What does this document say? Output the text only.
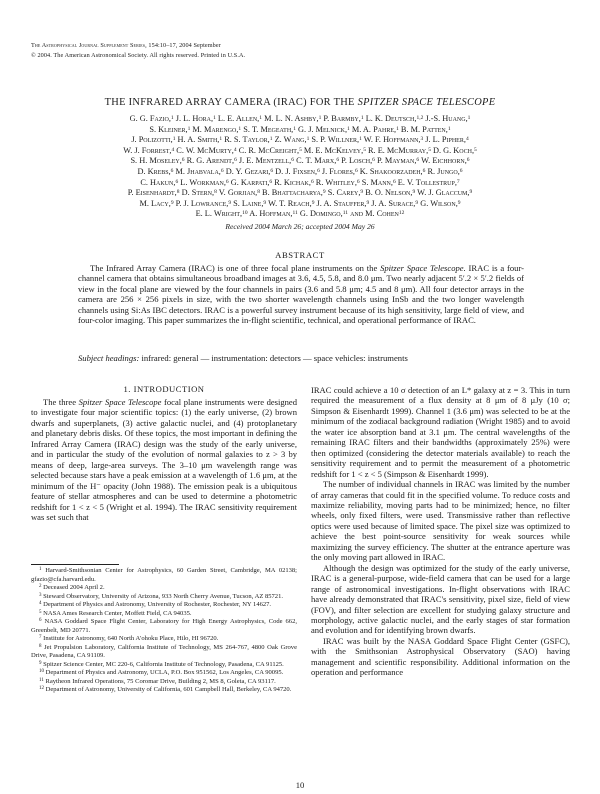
The Astrophysical Journal Supplement Series, 154:10–17, 2004 September
© 2004. The American Astronomical Society. All rights reserved. Printed in U.S.A.
THE INFRARED ARRAY CAMERA (IRAC) FOR THE SPITZER SPACE TELESCOPE
G. G. Fazio,$^1$ J. L. Hora,$^1$ L. E. Allen,$^1$ M. L. N. Ashby,$^1$ P. Barmby,$^1$ L. K. Deutsch,$^{1,2}$ J.-S. Huang,$^1$
S. Kleiner,$^1$ M. Marengo,$^1$ S. T. Megeath,$^1$ G. J. Melnick,$^1$ M. A. Pahre,$^1$ B. M. Patten,$^1$
J. Polizotti,$^1$ H. A. Smith,$^1$ R. S. Taylor,$^1$ Z. Wang,$^1$ S. P. Willner,$^1$ W. F. Hoffmann,$^3$ J. L. Pipher,$^4$
W. J. Forrest,$^4$ C. W. McMurty,$^4$ C. R. McCreight,$^5$ M. E. McKelvey,$^5$ R. E. McMurray,$^5$ D. G. Koch,$^5$
S. H. Moseley,$^6$ R. G. Arendt,$^6$ J. E. Mentzell,$^6$ C. T. Marx,$^6$ P. Losch,$^6$ P. Mayman,$^6$ W. Eichhorn,$^6$
D. Krebs,$^6$ M. Jhabvala,$^6$ D. Y. Gezari,$^6$ D. J. Fixsen,$^6$ J. Flores,$^6$ K. Shakoorzadeh,$^6$ R. Jungo,$^6$
C. Hakun,$^6$ L. Workman,$^6$ G. Karpati,$^6$ R. Kichak,$^6$ R. Whitley,$^6$ S. Mann,$^6$ E. V. Tollestrup,$^7$
P. Eisenhardt,$^8$ D. Stern,$^8$ V. Gorjian,$^8$ B. Bhattacharya,$^9$ S. Carey,$^9$ B. O. Nelson,$^9$ W. J. Glaccum,$^9$
M. Lacy,$^9$ P. J. Lowrance,$^9$ S. Laine,$^9$ W. T. Reach,$^9$ J. A. Stauffer,$^9$ J. A. Surace,$^9$ G. Wilson,$^9$
E. L. Wright,$^{10}$ A. Hoffman,$^{11}$ G. Domingo,$^{11}$ and M. Cohen$^{12}$
Received 2004 March 26; accepted 2004 May 26
ABSTRACT
The Infrared Array Camera (IRAC) is one of three focal plane instruments on the Spitzer Space Telescope. IRAC is a four-channel camera that obtains simultaneous broadband images at 3.6, 4.5, 5.8, and 8.0 μm. Two nearly adjacent 5′.2 × 5′.2 fields of view in the focal plane are viewed by the four channels in pairs (3.6 and 5.8 μm; 4.5 and 8 μm). All four detector arrays in the camera are 256 × 256 pixels in size, with the two shorter wavelength channels using InSb and the two longer wavelength channels using Si:As IBC detectors. IRAC is a powerful survey instrument because of its high sensitivity, large field of view, and four-color imaging. This paper summarizes the in-flight scientific, technical, and operational performance of IRAC.
Subject headings: infrared: general — instrumentation: detectors — space vehicles: instruments
1. INTRODUCTION

The three Spitzer Space Telescope focal plane instruments were designed to investigate four major scientific topics: (1) the early universe, (2) brown dwarfs and superplanets, (3) active galactic nuclei, and (4) protoplanetary and planetary debris disks. Of these topics, the most important in defining the Infrared Array Camera (IRAC) design was the study of the early universe, and in particular the study of the evolution of normal galaxies to z > 3 by means of deep, large-area surveys. The 3–10 μm wavelength range was selected because stars have a peak emission at a wavelength of 1.6 μm, at the minimum of the H⁻ opacity (John 1988). The emission peak is a ubiquitous feature of stellar atmospheres and can be used to determine a photometric redshift for 1 < z < 5 (Wright et al. 1994). The IRAC sensitivity requirement was set such that

$^1$ Harvard-Smithsonian Center for Astrophysics, 60 Garden Street, Cambridge, MA 02138; gfazio@cfa.harvard.edu.

$^2$ Deceased 2004 April 2.

$^3$ Steward Observatory, University of Arizona, 933 North Cherry Avenue, Tucson, AZ 85721.

$^4$ Department of Physics and Astronomy, University of Rochester, Rochester, NY 14627.

$^5$ NASA Ames Research Center, Moffett Field, CA 94035.

$^6$ NASA Goddard Space Flight Center, Laboratory for High Energy Astrophysics, Code 662, Greenbelt, MD 20771.

$^7$ Institute for Astronomy, 640 North A'ohoku Place, Hilo, HI 96720.

$^8$ Jet Propulsion Laboratory, California Institute of Technology, MS 264-767, 4800 Oak Grove Drive, Pasadena, CA 91109.

$^9$ Spitzer Science Center, MC 220-6, California Institute of Technology, Pasadena, CA 91125.

$^{10}$ Department of Physics and Astronomy, UCLA, P.O. Box 951562, Los Angeles, CA 90095.

$^{11}$ Raytheon Infrared Operations, 75 Coromar Drive, Building 2, MS 8, Goleta, CA 93117.

$^{12}$ Department of Astronomy, University of California, 601 Campbell Hall, Berkeley, CA 94720.

IRAC could achieve a 10 σ detection of an L* galaxy at z = 3. This in turn required the measurement of a flux density at 8 μm of 8 μJy (10 σ; Simpson & Eisenhardt 1999). Channel 1 (3.6 μm) was selected to be at the minimum of the zodiacal background radiation (Wright 1985) and to avoid the water ice absorption band at 3.1 μm. The central wavelengths of the remaining IRAC filters and their bandwidths (approximately 25%) were then optimized (considering the detector materials available) to reach the sensitivity requirement and to permit the measurement of a photometric redshift for 1 < z < 5 (Simpson & Eisenhardt 1999).

The number of individual channels in IRAC was limited by the number of array cameras that could fit in the specified volume. To reduce costs and maximize reliability, moving parts had to be minimized; hence, no filter wheels, only fixed filters, were used. Transmissive rather than reflective optics were used because of limited space. The pixel size was optimized to achieve the best point-source sensitivity for weak sources while maximizing the survey efficiency. The shutter at the entrance aperture was the only moving part allowed in IRAC.

Although the design was optimized for the study of the early universe, IRAC is a general-purpose, wide-field camera that can be used for a large range of astronomical investigations. In-flight observations with IRAC have already demonstrated that IRAC's sensitivity, pixel size, field of view (FOV), and filter selection are excellent for studying galaxy structure and morphology, active galactic nuclei, and the early stages of star formation and evolution and for identifying brown dwarfs.

IRAC was built by the NASA Goddard Space Flight Center (GSFC), with the Smithsonian Astrophysical Observatory (SAO) having management and scientific responsibility. Additional information on the operation and performance

10
